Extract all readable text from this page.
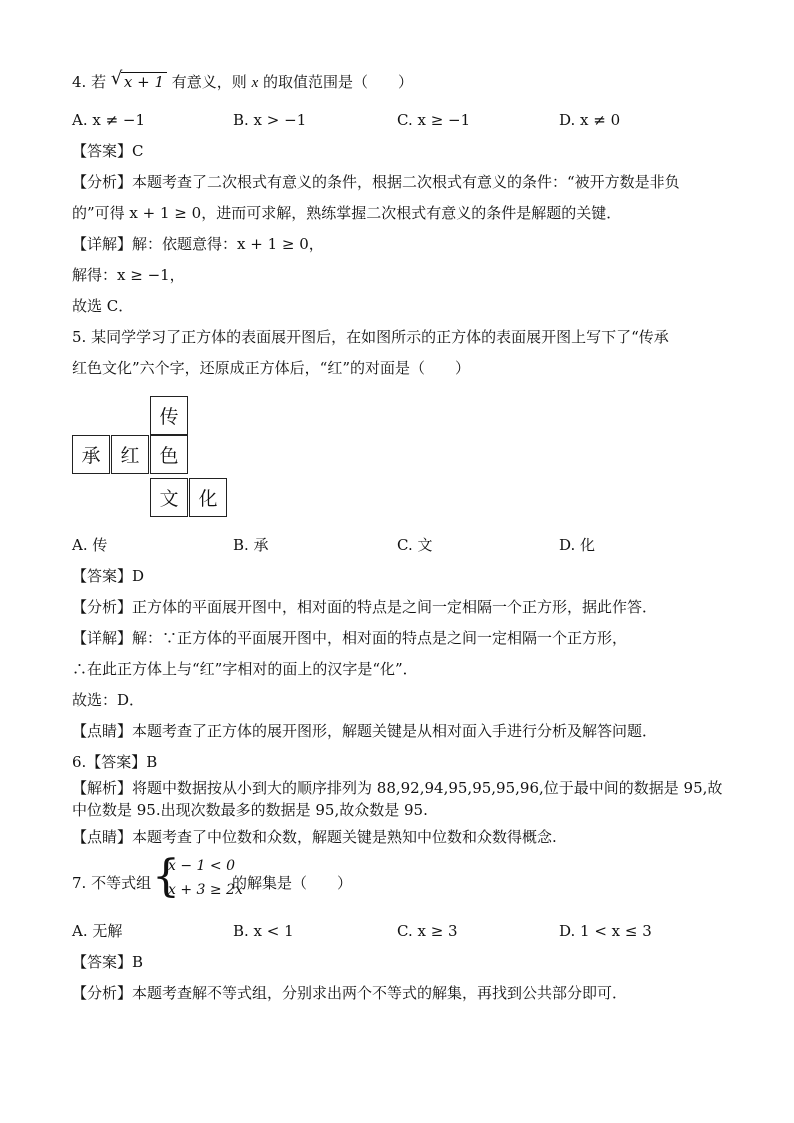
4. 若 √ x + 1 有意义，则 x 的取值范围是（　　）
A. x ≠ −1	B. x > −1	C. x ≥ −1	D. x ≠ 0
【答案】C
【分析】本题考查了二次根式有意义的条件，根据二次根式有意义的条件：“被开方数是非负
的”可得 x + 1 ≥ 0，进而可求解，熟练掌握二次根式有意义的条件是解题的关键．
【详解】解：依题意得：x + 1 ≥ 0，
解得：x ≥ −1，
故选 C．
5. 某同学学习了正方体的表面展开图后，在如图所示的正方体的表面展开图上写下了“传承
红色文化”六个字，还原成正方体后，“红”的对面是（　　）
传
承	红	色
文	化
A. 传	B. 承	C. 文	D. 化
【答案】D
【分析】正方体的平面展开图中，相对面的特点是之间一定相隔一个正方形，据此作答．
【详解】解：∵正方体的平面展开图中，相对面的特点是之间一定相隔一个正方形，
∴在此正方体上与“红”字相对的面上的汉字是“化”．
故选：D．
【点睛】本题考查了正方体的展开图形，解题关键是从相对面入手进行分析及解答问题．
6.【答案】B
【解析】将题中数据按从小到大的顺序排列为 88,92,94,95,95,95,96,位于最中间的数据是 95,故
中位数是 95.出现次数最多的数据是 95,故众数是 95.
【点睛】本题考查了中位数和众数，解题关键是熟知中位数和众数得概念.
7. 不等式组 {
x − 1 < 0
x + 3 ≥ 2x
的解集是（　　）
A. 无解	B. x < 1	C. x ≥ 3	D. 1 < x ≤ 3
【答案】B
【分析】本题考查解不等式组，分别求出两个不等式的解集，再找到公共部分即可．
